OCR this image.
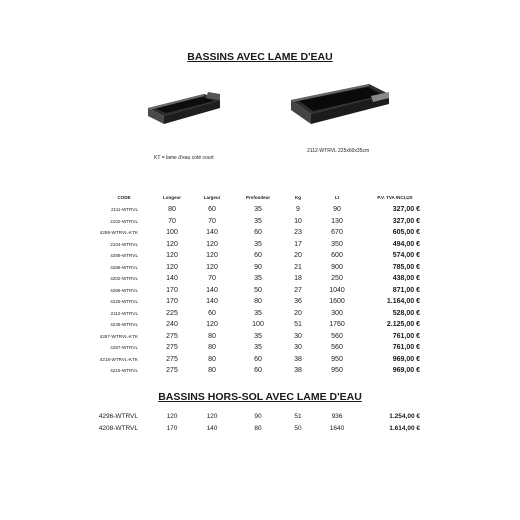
BASSINS AVEC LAME D'EAU
KT = lame d'eau coté court
2112-WTRVL 225x60x35cm
CODE	Longeur	Largeur	Profondeur	Kg	Lt	P.V. TVA INCLUS
2111-WTRVL	80	60	35	9	90	327,00 €
2102-WTRVL	70	70	35	10	130	327,00 €
4295-WTRVL-KTK	100	140	60	23	670	605,00 €
2104-WTRVL	120	120	35	17	350	494,00 €
4289-WTRVL	120	120	60	20	600	574,00 €
4286-WTRVL	120	120	90	21	900	785,00 €
4202-WTRVL	140	70	35	18	250	438,00 €
4266-WTRVL	170	140	50	27	1040	871,00 €
4225-WTRVL	170	140	80	36	1600	1.164,00 €
2112-WTRVL	225	60	35	20	300	528,00 €
4236-WTRVL	240	120	100	51	1760	2.125,00 €
4287-WTRVL-KTK	275	80	35	30	560	761,00 €
4287-WTRVL	275	80	35	30	560	761,00 €
4215-WTRVL-KTK	275	80	60	38	950	969,00 €
4215-WTRVL	275	80	60	38	950	969,00 €
BASSINS HORS-SOL AVEC LAME D'EAU
4296-WTRVL	120	120	90	51	936	1.254,00 €
4208-WTRVL	170	140	80	50	1640	1.614,00 €
